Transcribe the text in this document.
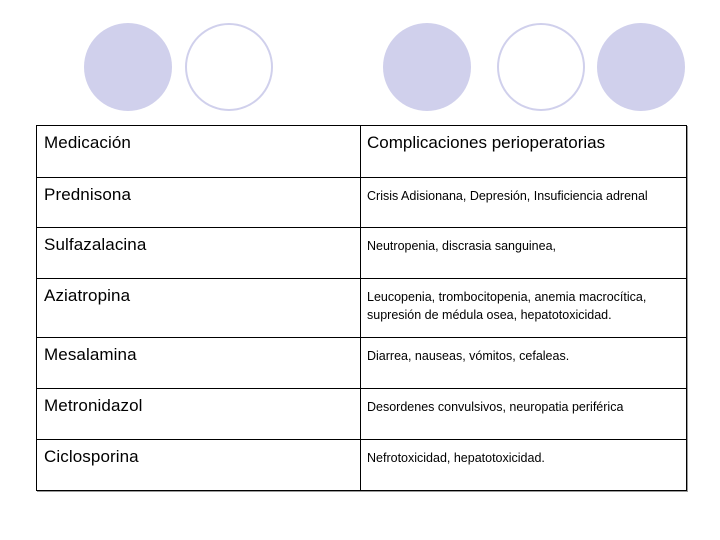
Medicación	Complicaciones perioperatorias

Prednisona	Crisis Adisionana, Depresión, Insuficiencia adrenal

Sulfazalacina	Neutropenia, discrasia sanguinea,

Aziatropina	Leucopenia, trombocitopenia, anemia macrocítica, supresión de médula osea, hepatotoxicidad.

Mesalamina	Diarrea, nauseas, vómitos, cefaleas.

Metronidazol	Desordenes convulsivos, neuropatia periférica

Ciclosporina	Nefrotoxicidad, hepatotoxicidad.
